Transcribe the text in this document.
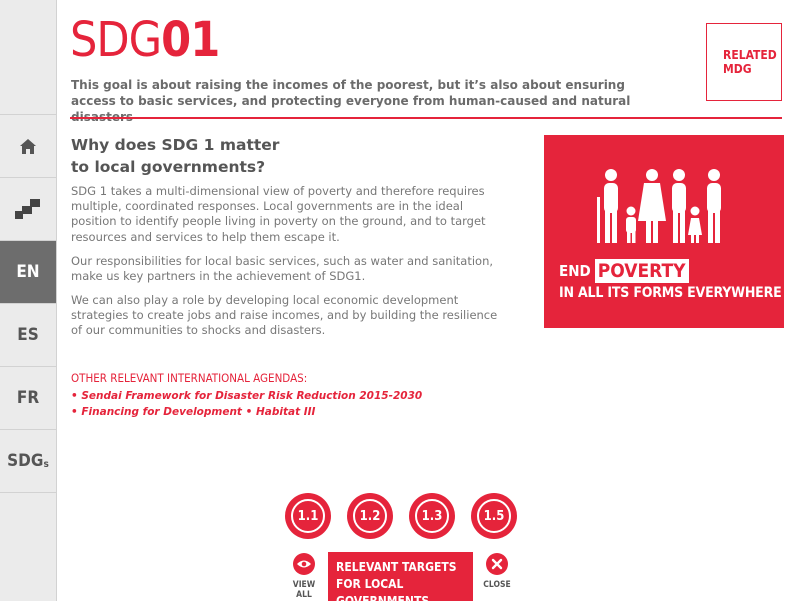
EN
ES
FR
SDG s
SDG01
This goal is about raising the incomes of the poorest, but it’s also about ensuring access to basic services, and protecting everyone from human-caused and natural
RELATED
MDG
Why does SDG 1 matter
to local governments?
SDG 1 takes a multi-dimensional view of poverty and therefore requires multiple, coordinated responses. Local governments are in the ideal position to identify people living in poverty on the ground, and to target resources and services to help them escape it.
Our responsibilities for local basic services, such as water and sanitation, make us key partners in the achievement of SDG1.
We can also play a role by developing local economic development strategies to create jobs and raise incomes, and by building the resilience of our communities to shocks and disasters.
END POVERTY
IN ALL ITS FORMS EVERYWHERE
OTHER RELEVANT INTERNATIONAL AGENDAS:
• Sendai Framework for Disaster Risk Reduction 2015-2030
• Financing for Development • Habitat III
1.1	1.2	1.3	1.5
VIEW ALL
RELEVANT TARGETS
FOR LOCAL GOVERNMENTS
CLOSE
